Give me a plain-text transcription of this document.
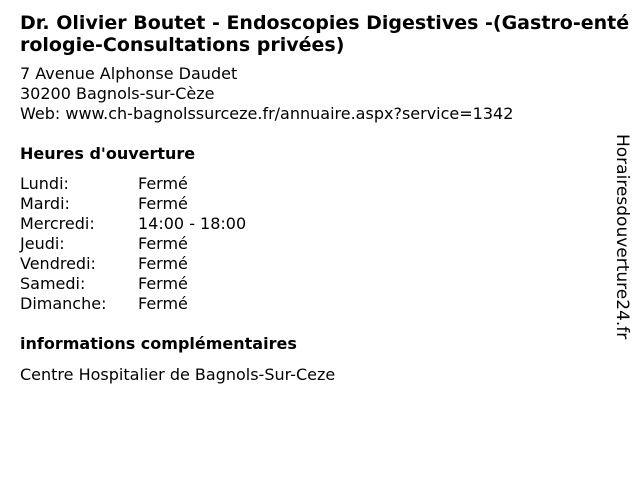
Dr. Olivier Boutet - Endoscopies Digestives -(Gastro-entérologie-Consultations privées)
7 Avenue Alphonse Daudet
30200 Bagnols-sur-Cèze
Web: www.ch-bagnolssurceze.fr/annuaire.aspx?service=1342
Heures d'ouverture
Lundi:	Fermé
Mardi:	Fermé
Mercredi:	14:00 - 18:00
Jeudi:	Fermé
Vendredi:	Fermé
Samedi:	Fermé
Dimanche:	Fermé
informations complémentaires
Centre Hospitalier de Bagnols-Sur-Ceze
Horairesdouverture24.fr
